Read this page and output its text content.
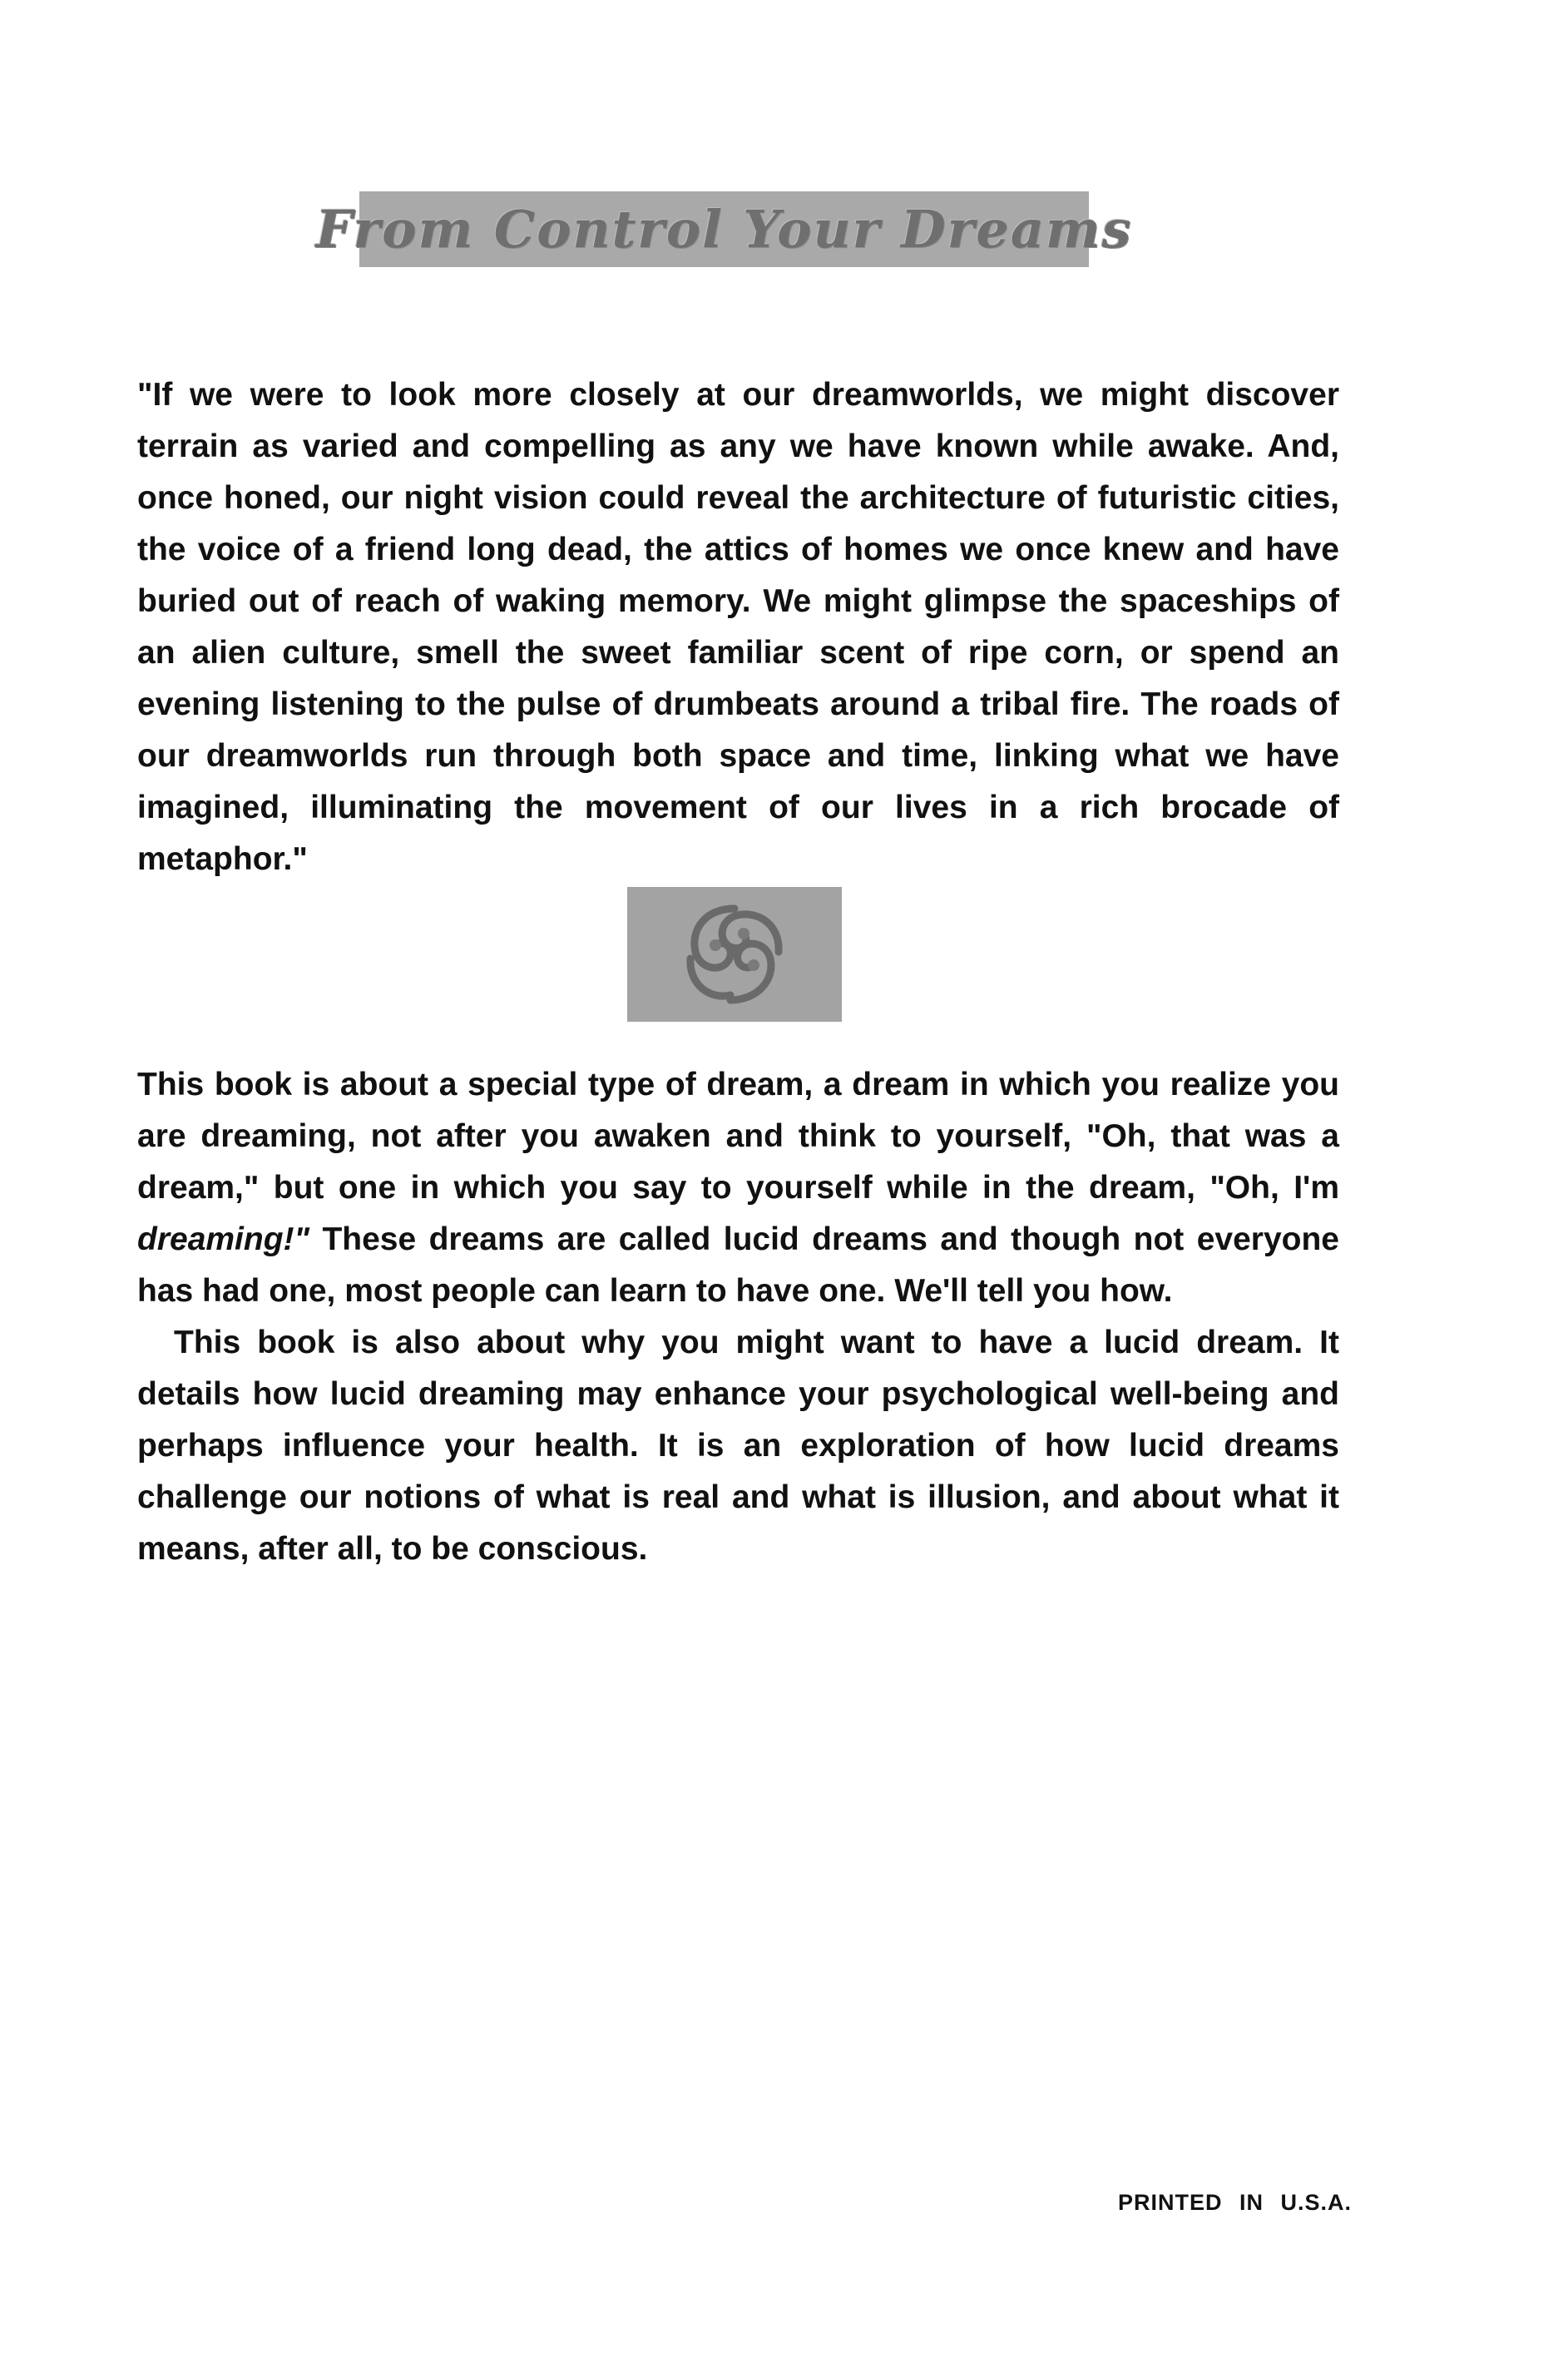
From Control Your Dreams

"If we were to look more closely at our dreamworlds, we might discover terrain as varied and compelling as any we have known while awake. And, once honed, our night vision could reveal the architecture of futuristic cities, the voice of a friend long dead, the attics of homes we once knew and have buried out of reach of waking memory. We might glimpse the spaceships of an alien culture, smell the sweet familiar scent of ripe corn, or spend an evening listening to the pulse of drumbeats around a tribal fire. The roads of our dreamworlds run through both space and time, linking what we have imagined, illuminating the movement of our lives in a rich brocade of metaphor."

This book is about a special type of dream, a dream in which you realize you are dreaming, not after you awaken and think to yourself, "Oh, that was a dream," but one in which you say to yourself while in the dream, "Oh, I'm dreaming!" These dreams are called lucid dreams and though not everyone has had one, most people can learn to have one. We'll tell you how.

This book is also about why you might want to have a lucid dream. It details how lucid dreaming may enhance your psychological well-being and perhaps influence your health. It is an exploration of how lucid dreams challenge our notions of what is real and what is illusion, and about what it means, after all, to be conscious.

PRINTED IN U.S.A.
